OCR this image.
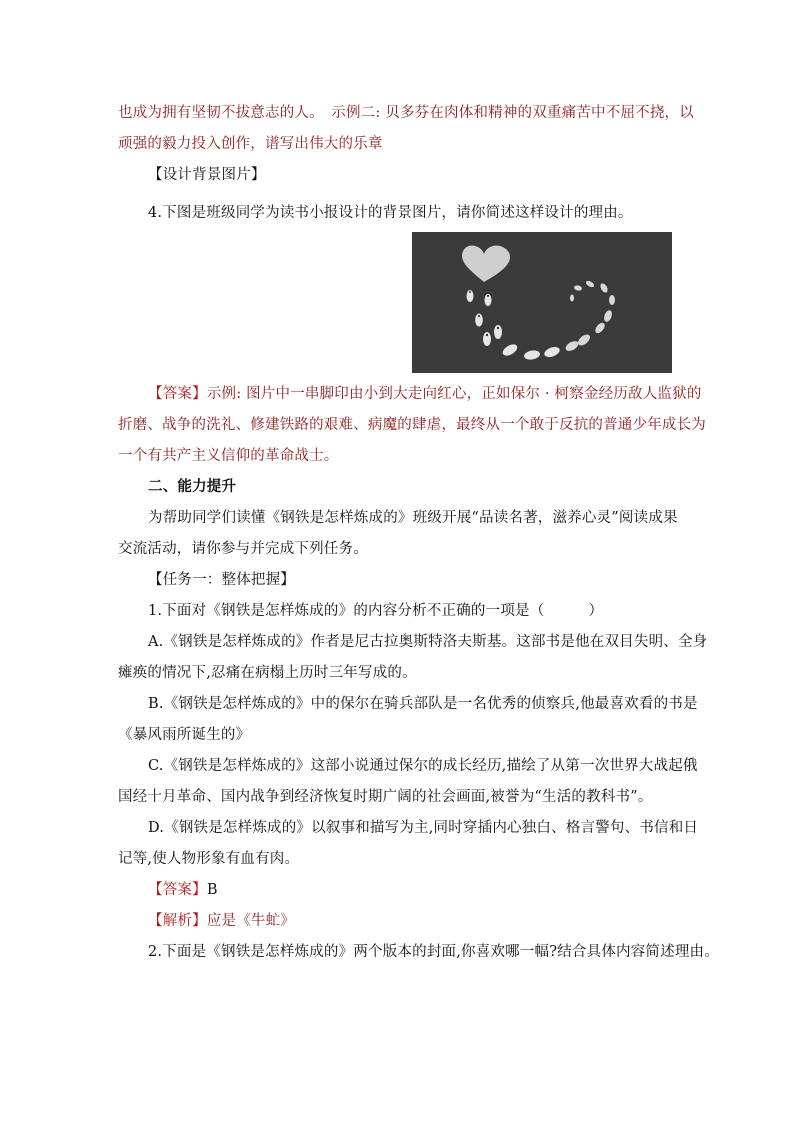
也成为拥有坚韧不拔意志的人。　示例二: 贝多芬在肉体和精神的双重痛苦中不屈不挠，以
顽强的毅力投入创作，谱写出伟大的乐章
【设计背景图片】
4.下图是班级同学为读书小报设计的背景图片，请你简述这样设计的理由。
【答案】示例: 图片中一串脚印由小到大走向红心，正如保尔 · 柯察金经历敌人监狱的
折磨、战争的洗礼、修建铁路的艰难、病魔的肆虐，最终从一个敢于反抗的普通少年成长为
一个有共产主义信仰的革命战士。
二、能力提升
为帮助同学们读懂《钢铁是怎样炼成的》班级开展“品读名著，滋养心灵”阅读成果
交流活动，请你参与并完成下列任务。
【任务一：整体把握】
1.下面对《钢铁是怎样炼成的》的内容分析不正确的一项是（　　　）
A.《钢铁是怎样炼成的》作者是尼古拉奥斯特洛夫斯基。这部书是他在双目失明、全身
瘫痪的情况下,忍痛在病榻上历时三年写成的。
B.《钢铁是怎样炼成的》中的保尔在骑兵部队是一名优秀的侦察兵,他最喜欢看的书是
《暴风雨所诞生的》
C.《钢铁是怎样炼成的》这部小说通过保尔的成长经历,描绘了从第一次世界大战起俄
国经十月革命、国内战争到经济恢复时期广阔的社会画面,被誉为“生活的教科书”。
D.《钢铁是怎样炼成的》以叙事和描写为主,同时穿插内心独白、格言警句、书信和日
记等,使人物形象有血有肉。
【答案】B
【解析】应是《牛虻》
2.下面是《钢铁是怎样炼成的》两个版本的封面,你喜欢哪一幅?结合具体内容简述理由。
